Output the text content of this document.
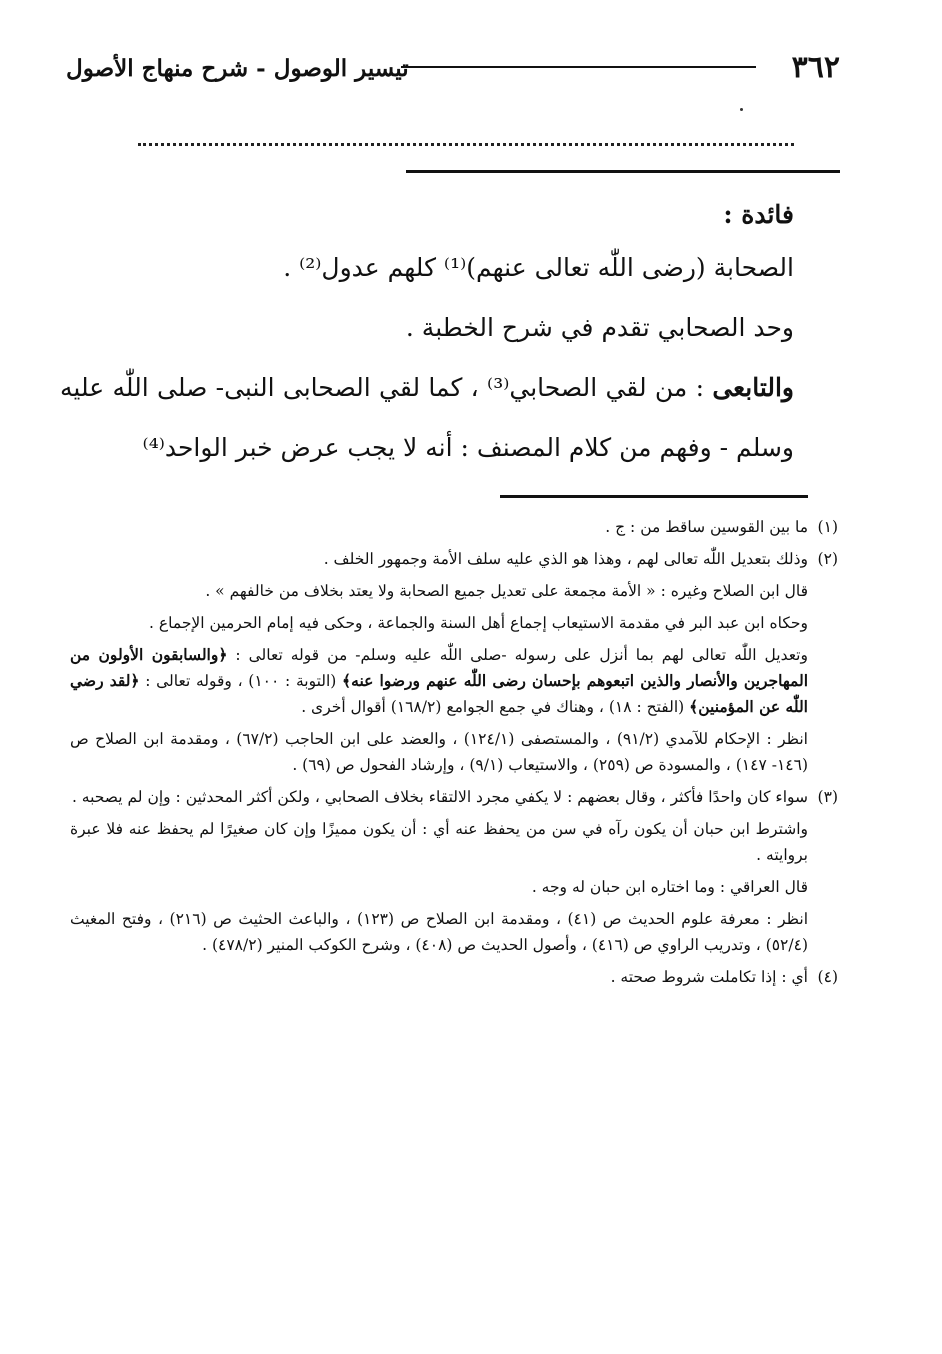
٣٦٢
تيسير الوصول - شرح منهاج الأصول

فائدة :

الصحابة (رضى اللّٰه تعالى عنهم)⁽¹⁾ كلهم عدول⁽²⁾ .

وحد الصحابي تقدم في شرح الخطبة .

والتابعى : من لقي الصحابي⁽³⁾ ، كما لقي الصحابى النبى- صلى اللّٰه عليه وسلم - وفهم من كلام المصنف : أنه لا يجب عرض خبر الواحد⁽⁴⁾

(١)

ما بين القوسين ساقط من : ج .

(٢)

وذلك بتعديل اللّٰه تعالى لهم ، وهذا هو الذي عليه سلف الأمة وجمهور الخلف .

قال ابن الصلاح وغيره : « الأمة مجمعة على تعديل جميع الصحابة ولا يعتد بخلاف من خالفهم » .

وحكاه ابن عبد البر في مقدمة الاستيعاب إجماع أهل السنة والجماعة ، وحكى فيه إمام الحرمين الإجماع .

وتعديل اللّٰه تعالى لهم بما أنزل على رسوله -صلى اللّٰه عليه وسلم- من قوله تعالى : ﴿والسابقون الأولون من المهاجرين والأنصار والذين اتبعوهم بإحسان رضى اللّٰه عنهم ورضوا عنه﴾ (التوبة : ١٠٠) ، وقوله تعالى : ﴿لقد رضي اللّٰه عن المؤمنين﴾ (الفتح : ١٨) ، وهناك في جمع الجوامع (١٦٨/٢) أقوال أخرى .

انظر : الإحكام للآمدي (٩١/٢) ، والمستصفى (١٢٤/١) ، والعضد على ابن الحاجب (٦٧/٢) ، ومقدمة ابن الصلاح ص (١٤٦- ١٤٧) ، والمسودة ص (٢٥٩) ، والاستيعاب (٩/١) ، وإرشاد الفحول ص (٦٩) .

(٣)

سواء كان واحدًا فأكثر ، وقال بعضهم : لا يكفي مجرد الالتقاء بخلاف الصحابي ، ولكن أكثر المحدثين : وإن لم يصحبه .

واشترط ابن حبان أن يكون رآه في سن من يحفظ عنه أي : أن يكون مميزًا وإن كان صغيرًا لم يحفظ عنه فلا عبرة بروايته .

قال العراقي : وما اختاره ابن حبان له وجه .

انظر : معرفة علوم الحديث ص (٤١) ، ومقدمة ابن الصلاح ص (١٢٣) ، والباعث الحثيث ص (٢١٦) ، وفتح المغيث (٥٢/٤) ، وتدريب الراوي ص (٤١٦) ، وأصول الحديث ص (٤٠٨) ، وشرح الكوكب المنير (٤٧٨/٢) .

(٤)

أي : إذا تكاملت شروط صحته .
